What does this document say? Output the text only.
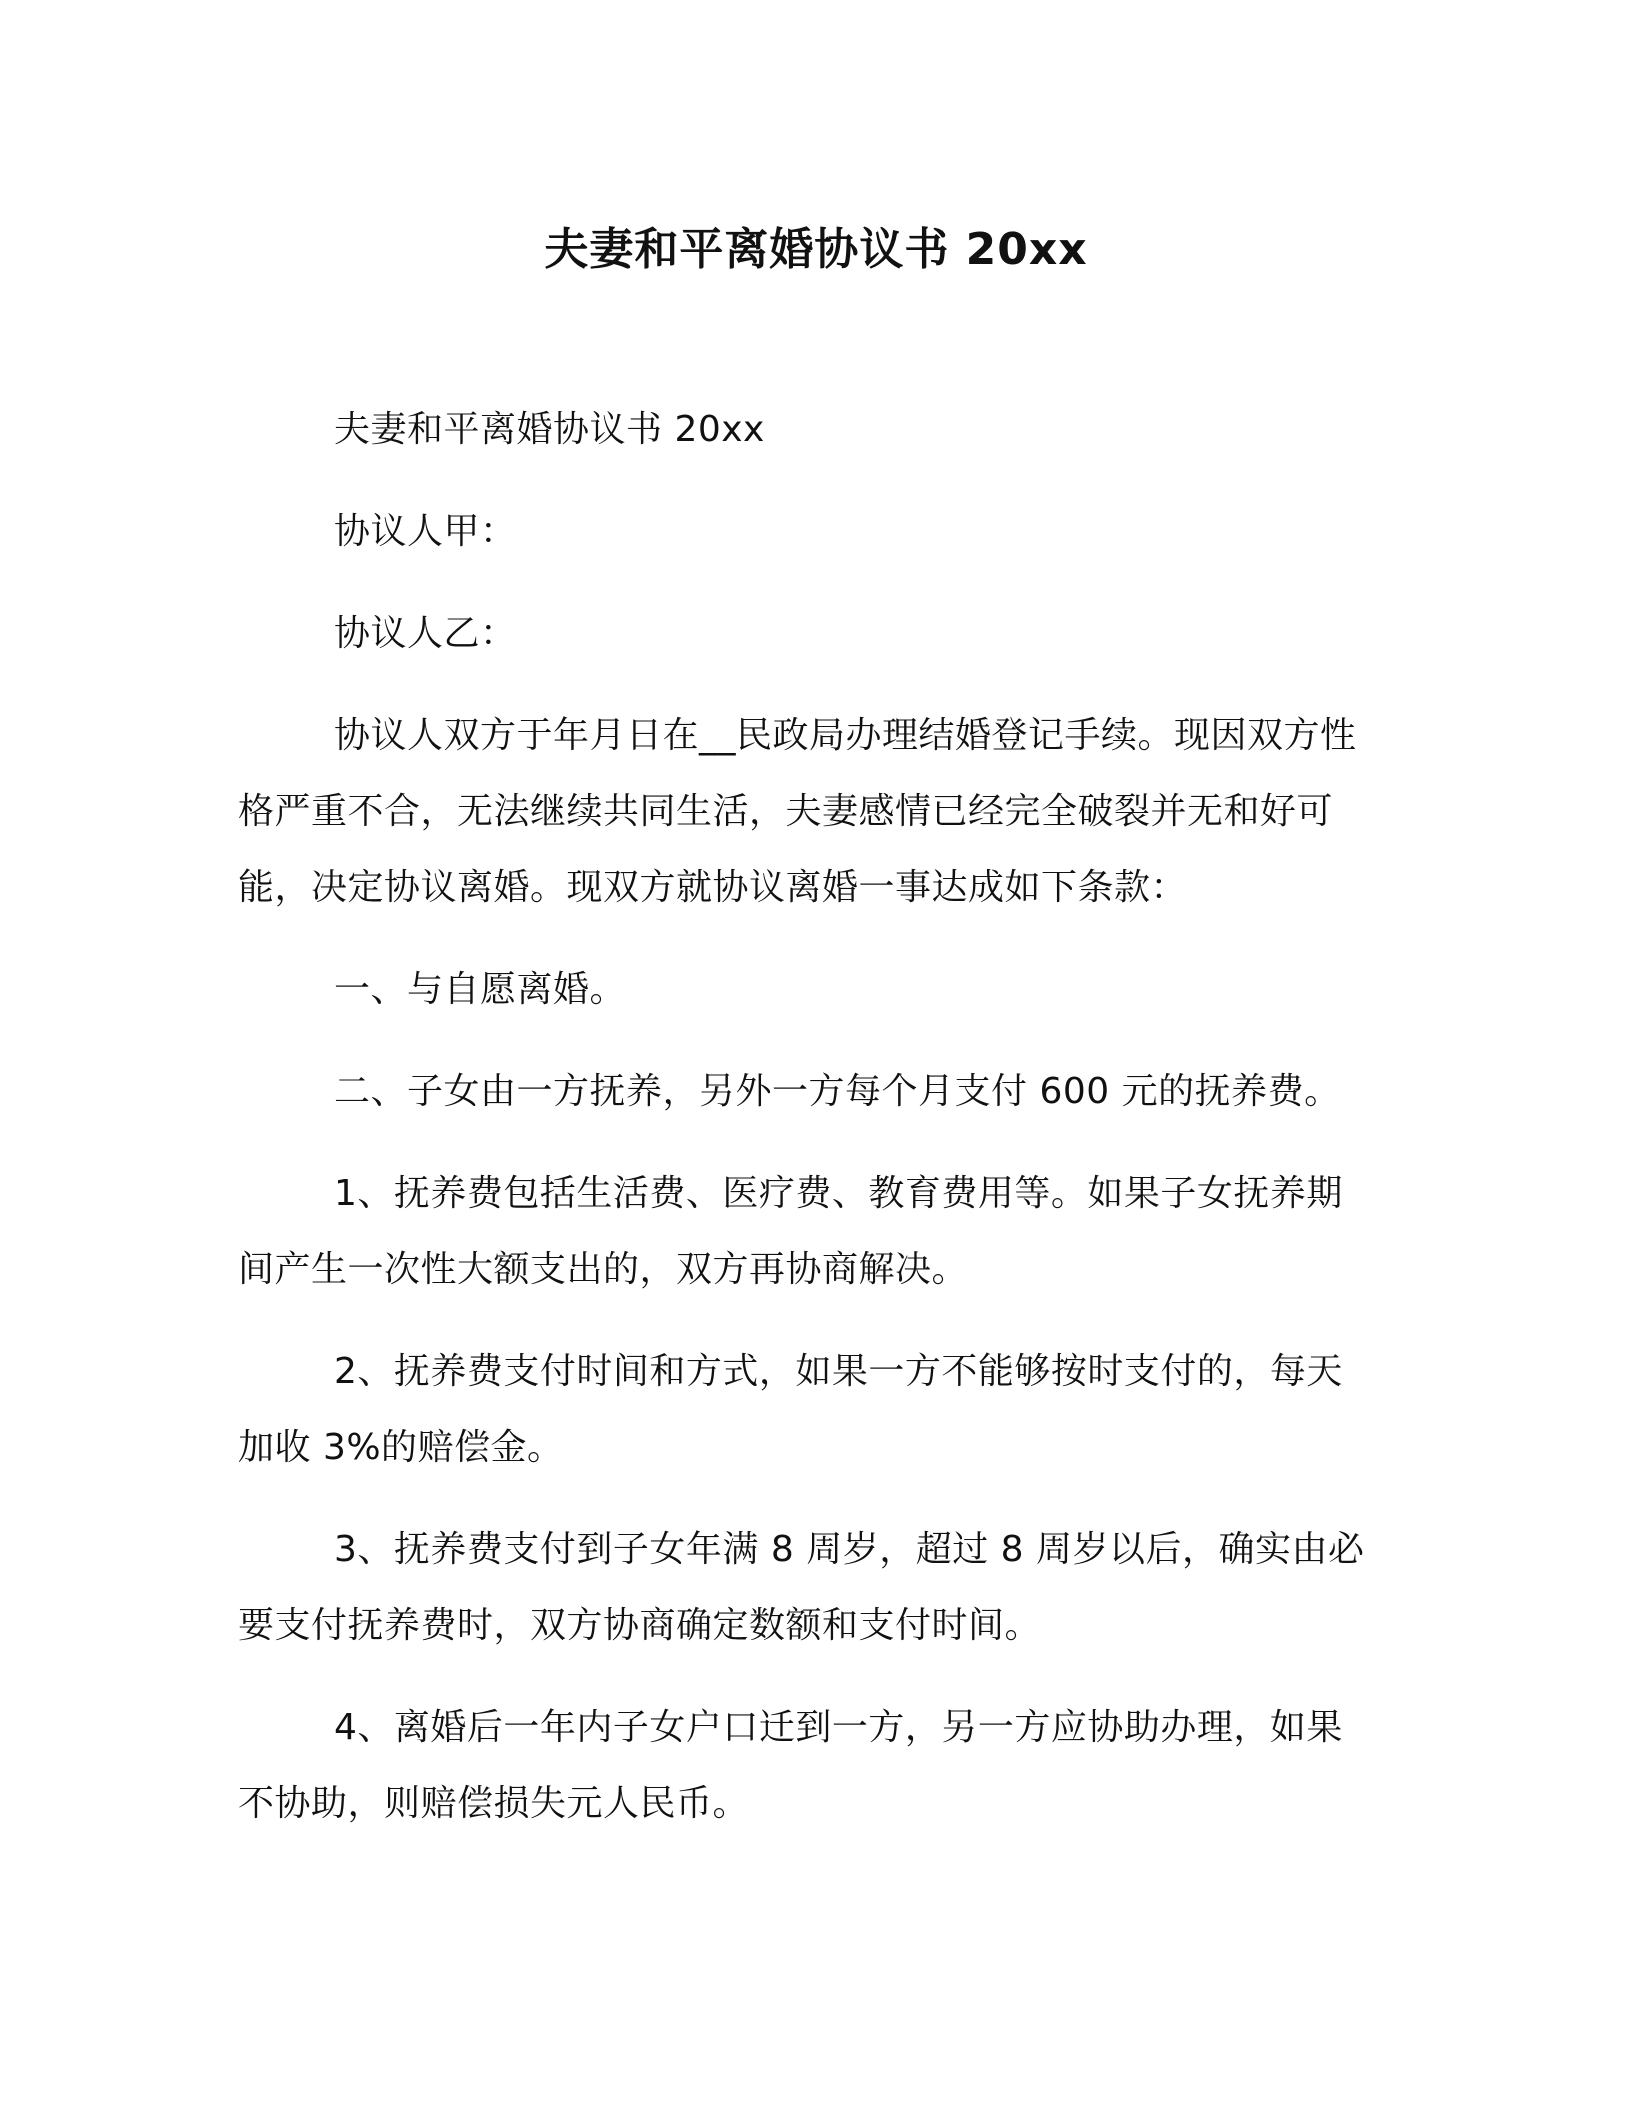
夫妻和平离婚协议书 20xx

夫妻和平离婚协议书 20xx

协议人甲：

协议人乙：

协议人双方于年月日在__民政局办理结婚登记手续。现因双方性格严重不合，无法继续共同生活，夫妻感情已经完全破裂并无和好可能，决定协议离婚。现双方就协议离婚一事达成如下条款：

一、与自愿离婚。

二、子女由一方抚养，另外一方每个月支付 600 元的抚养费。

1、抚养费包括生活费、医疗费、教育费用等。如果子女抚养期间产生一次性大额支出的，双方再协商解决。

2、抚养费支付时间和方式，如果一方不能够按时支付的，每天加收 3%的赔偿金。

3、抚养费支付到子女年满 8 周岁，超过 8 周岁以后，确实由必要支付抚养费时，双方协商确定数额和支付时间。

4、离婚后一年内子女户口迁到一方，另一方应协助办理，如果不协助，则赔偿损失元人民币。
